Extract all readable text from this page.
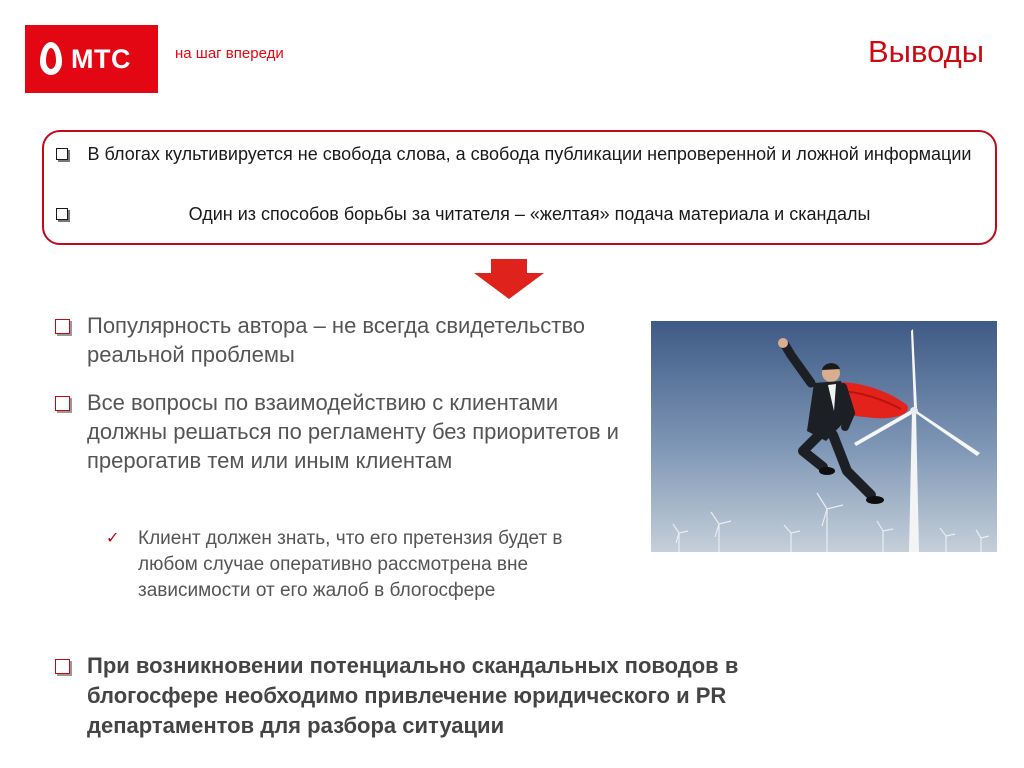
МТС	на шаг впереди	Выводы
В блогах культивируется не свобода слова, а свобода публикации непроверенной и ложной информации
Один из способов борьбы за читателя – «желтая» подача материала и скандалы
Популярность автора – не всегда свидетельство реальной проблемы
Все вопросы по взаимодействию с клиентами должны решаться по регламенту без приоритетов и прерогатив тем или иным клиентам
✓ Клиент должен знать, что его претензия будет в любом случае оперативно рассмотрена вне зависимости от его жалоб в блогосфере
При возникновении потенциально скандальных поводов в блогосфере необходимо привлечение юридического и PR департаментов для разбора ситуации
